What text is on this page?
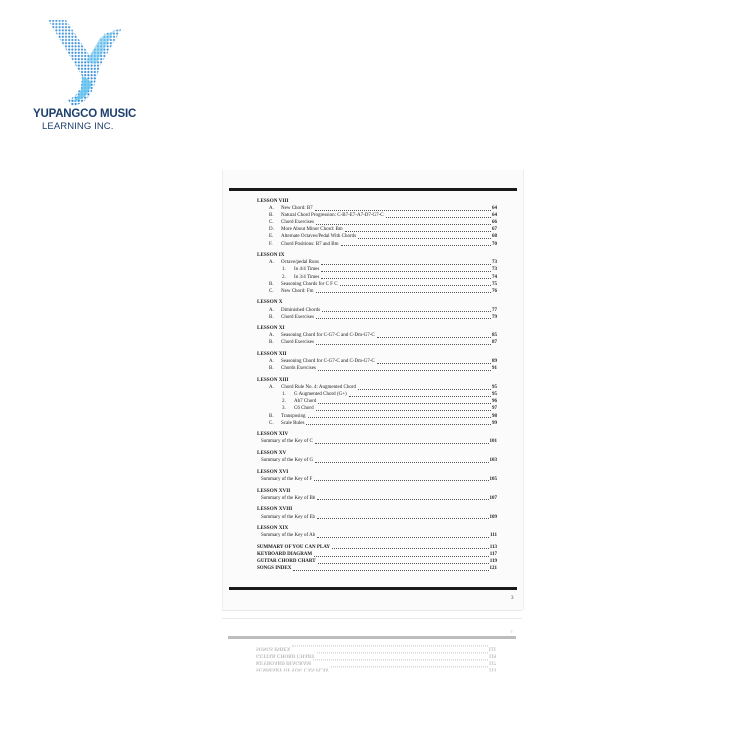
YUPANGCO MUSIC
LEARNING INC.
LESSON VIII
A.	New Chord: B7	64
B.	Natural Chord Progression: C-B7-E7-A7-D7-G7-C	64
C.	Chord Exercises	66
D.	More About Minor Chord: Bm	67
E.	Alternate Octaves/Pedal With Chords	68
F.	Chord Positions: B7 and Bm	70
LESSON IX
A.	Octave/pedal Runs	73
1.	In 4/4 Times	73
2.	In 3/4 Times	74
B.	Seasoning Chords for C F C	75
C.	New Chord: Fm	76
LESSON X
A.	Diminished Chords	77
B.	Chord Exercises	79
LESSON XI
A.	Seasoning Chord for C-G7-C and C-Dm-G7-C	85
B.	Chord Exercises	87
LESSON XII
A.	Seasoning Chord for C-G7-C and C-Dm-G7-C	89
B.	Chords Exercises	91
LESSON XIII
A.	Chord Rule No. 4: Augmented Chord	95
1.	G Augmented Chord (G+)	95
2.	Ab7 Chord	96
3.	C6 Chord	97
B.	Transposing	98
C.	Scale Rules	99
LESSON XIV
Summary of the Key of C	101
LESSON XV
Summary of the Key of G	103
LESSON XVI
Summary of the Key of F	105
LESSON XVII
Summary of the Key of Bb	107
LESSON XVIII
Summary of the Key of Eb	109
LESSON XIX
Summary of the Key of Ab	111
SUMMARY OF YOU CAN PLAY	113
KEYBOARD DIAGRAM	117
GUITAR CHORD CHART	119
SONGS INDEX	121
3
3
SUMMARY OF YOU CAN PLAY	113
KEYBOARD DIAGRAM	117
GUITAR CHORD CHART	119
SONGS INDEX	121
